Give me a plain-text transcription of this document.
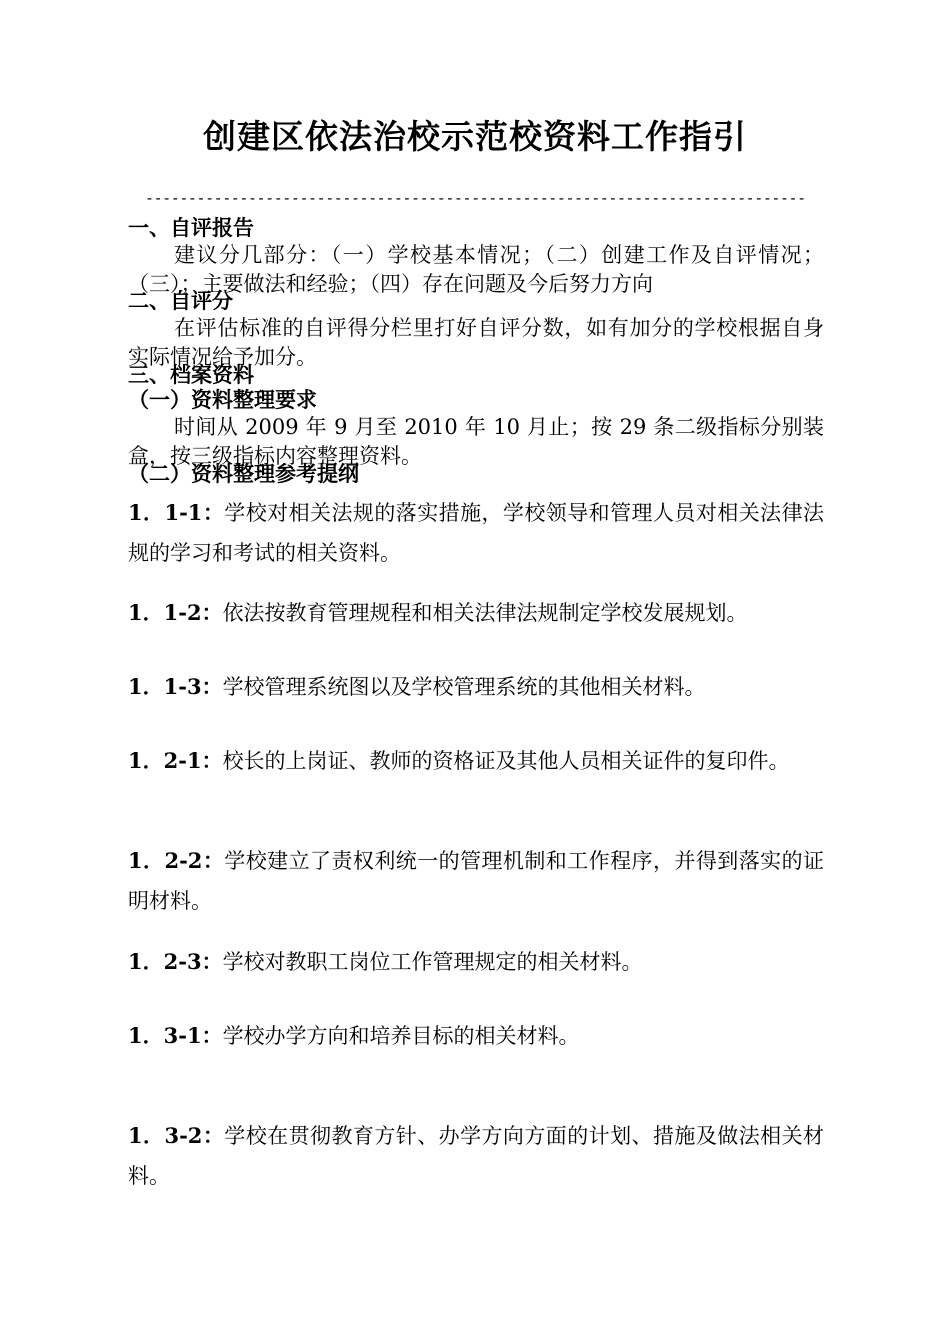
创建区依法治校示范校资料工作指引
-----------------------------------------------------------------------------
一、自评报告
建议分几部分：（一）学校基本情况；（二）创建工作及自评情况；（三）；主要做法和经验；（四）存在问题及今后努力方向
二、自评分
在评估标准的自评得分栏里打好自评分数，如有加分的学校根据自身实际情况给予加分。
三、档案资料
（一）资料整理要求
时间从 2009 年 9 月至 2010 年 10 月止；按 29 条二级指标分别装盒，按三级指标内容整理资料。
（二）资料整理参考提纲
1．1-1：学校对相关法规的落实措施，学校领导和管理人员对相关法律法规的学习和考试的相关资料。
1．1-2：依法按教育管理规程和相关法律法规制定学校发展规划。
1．1-3：学校管理系统图以及学校管理系统的其他相关材料。
1．2-1：校长的上岗证、教师的资格证及其他人员相关证件的复印件。
1．2-2：学校建立了责权利统一的管理机制和工作程序，并得到落实的证明材料。
1．2-3：学校对教职工岗位工作管理规定的相关材料。
1．3-1：学校办学方向和培养目标的相关材料。
1．3-2：学校在贯彻教育方针、办学方向方面的计划、措施及做法相关材料。
